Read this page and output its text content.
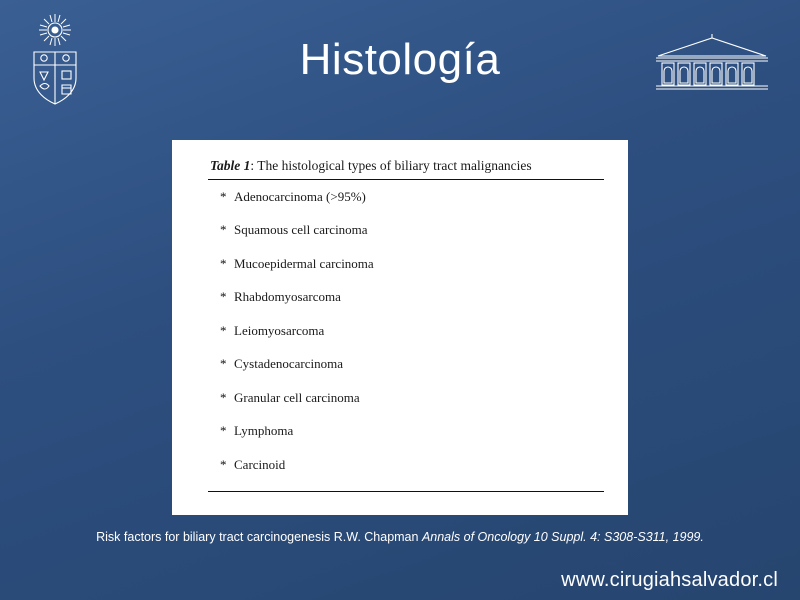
Histología
Table 1: The histological types of biliary tract malignancies
* Adenocarcinoma (>95%)
* Squamous cell carcinoma
* Mucoepidermal carcinoma
* Rhabdomyosarcoma
* Leiomyosarcoma
* Cystadenocarcinoma
* Granular cell carcinoma
* Lymphoma
* Carcinoid
Risk factors for biliary tract carcinogenesis R.W. Chapman Annals of Oncology 10 Suppl. 4: S308-S311, 1999.
www.cirugiahsalvador.cl
